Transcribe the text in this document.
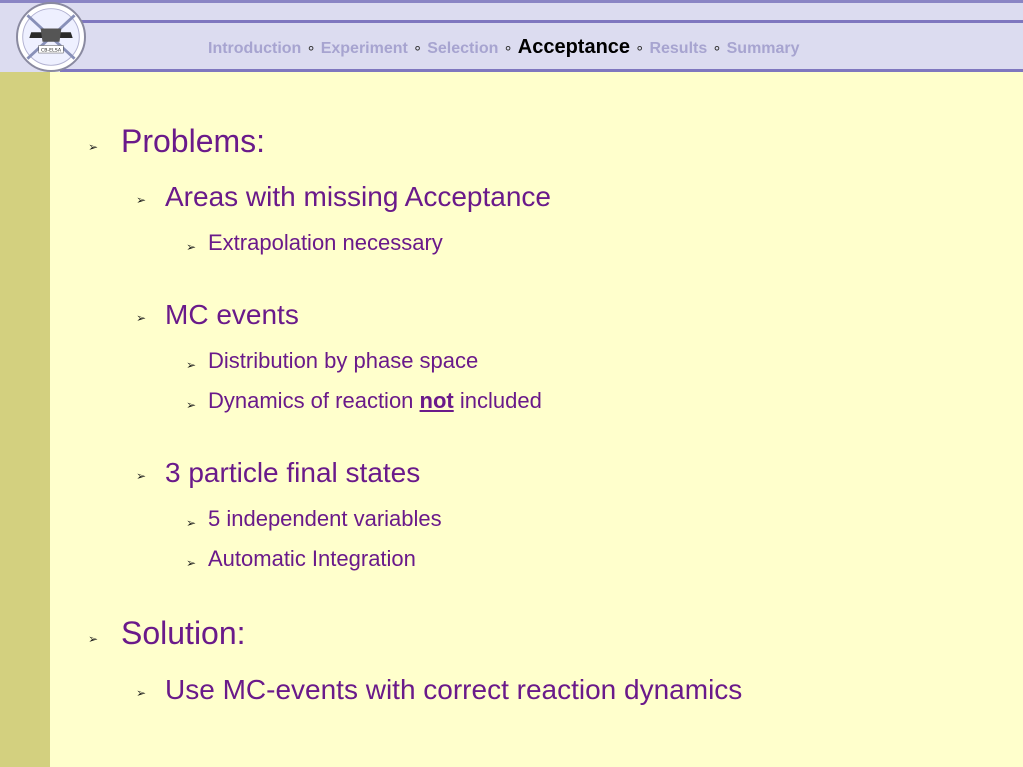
CB-ELSA	Introduction ∘ Experiment ∘ Selection ∘ Acceptance ∘ Results ∘ Summary
➢ Problems:
➢ Areas with missing Acceptance
➢ Extrapolation necessary
➢ MC events
➢ Distribution by phase space
➢ Dynamics of reaction not included
➢ 3 particle final states
➢ 5 independent variables
➢ Automatic Integration
➢ Solution:
➢ Use MC-events with correct reaction dynamics
